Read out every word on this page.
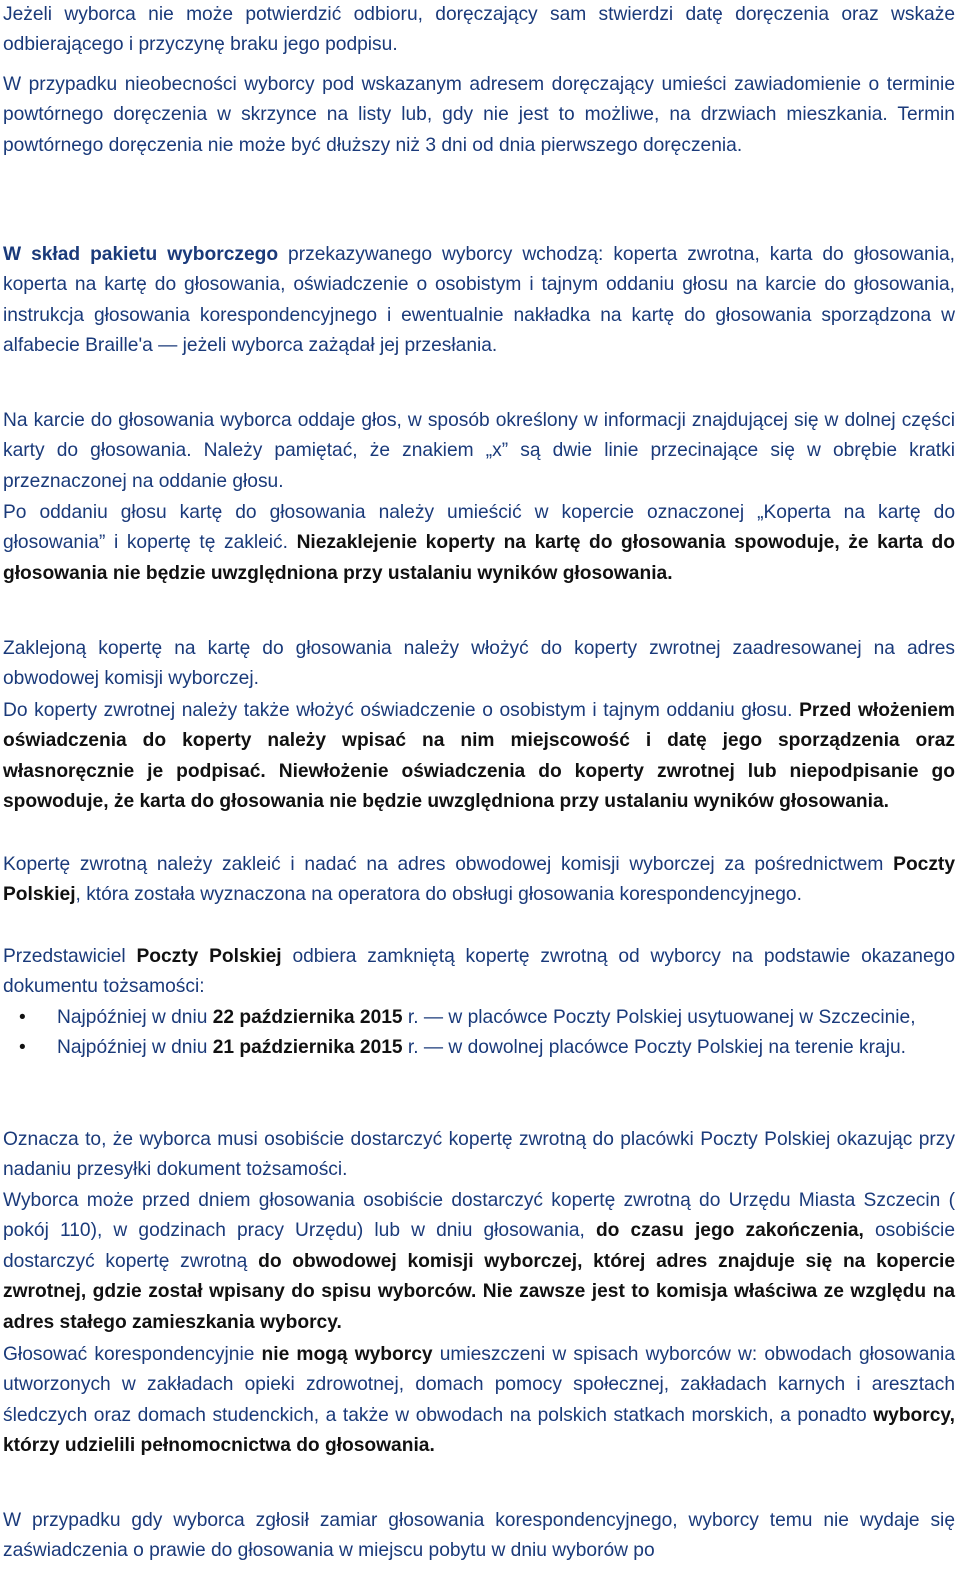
Jeżeli wyborca nie może potwierdzić odbioru, doręczający sam stwierdzi datę doręczenia oraz wskaże odbierającego i przyczynę braku jego podpisu.

W przypadku nieobecności wyborcy pod wskazanym adresem doręczający umieści zawiadomienie o terminie powtórnego doręczenia w skrzynce na listy lub, gdy nie jest to możliwe, na drzwiach mieszkania. Termin powtórnego doręczenia nie może być dłuższy niż 3 dni od dnia pierwszego doręczenia.

W skład pakietu wyborczego przekazywanego wyborcy wchodzą: koperta zwrotna, karta do głosowania, koperta na kartę do głosowania, oświadczenie o osobistym i tajnym oddaniu głosu na karcie do głosowania, instrukcja głosowania korespondencyjnego i ewentualnie nakładka na kartę do głosowania sporządzona w alfabecie Braille'a — jeżeli wyborca zażądał jej przesłania.

Na karcie do głosowania wyborca oddaje głos, w sposób określony w informacji znajdującej się w dolnej części karty do głosowania. Należy pamiętać, że znakiem „x” są dwie linie przecinające się w obrębie kratki przeznaczonej na oddanie głosu.

Po oddaniu głosu kartę do głosowania należy umieścić w kopercie oznaczonej „Koperta na kartę do głosowania” i kopertę tę zakleić. Niezaklejenie koperty na kartę do głosowania spowoduje, że karta do głosowania nie będzie uwzględniona przy ustalaniu wyników głosowania.

Zaklejoną kopertę na kartę do głosowania należy włożyć do koperty zwrotnej zaadresowanej na adres obwodowej komisji wyborczej.

Do koperty zwrotnej należy także włożyć oświadczenie o osobistym i tajnym oddaniu głosu. Przed włożeniem oświadczenia do koperty należy wpisać na nim miejscowość i datę jego sporządzenia oraz własnoręcznie je podpisać. Niewłożenie oświadczenia do koperty zwrotnej lub niepodpisanie go spowoduje, że karta do głosowania nie będzie uwzględniona przy ustalaniu wyników głosowania.

Kopertę zwrotną należy zakleić i nadać na adres obwodowej komisji wyborczej za pośrednictwem Poczty Polskiej, która została wyznaczona na operatora do obsługi głosowania korespondencyjnego.

Przedstawiciel Poczty Polskiej odbiera zamkniętą kopertę zwrotną od wyborcy na podstawie okazanego dokumentu tożsamości:

• Najpóźniej w dniu 22 października 2015 r. — w placówce Poczty Polskiej usytuowanej w Szczecinie,
• Najpóźniej w dniu 21 października 2015 r. — w dowolnej placówce Poczty Polskiej na terenie kraju.

Oznacza to, że wyborca musi osobiście dostarczyć kopertę zwrotną do placówki Poczty Polskiej okazując przy nadaniu przesyłki dokument tożsamości.

Wyborca może przed dniem głosowania osobiście dostarczyć kopertę zwrotną do Urzędu Miasta Szczecin ( pokój 110), w godzinach pracy Urzędu) lub w dniu głosowania, do czasu jego zakończenia, osobiście dostarczyć kopertę zwrotną do obwodowej komisji wyborczej, której adres znajduje się na kopercie zwrotnej, gdzie został wpisany do spisu wyborców. Nie zawsze jest to komisja właściwa ze względu na adres stałego zamieszkania wyborcy.

Głosować korespondencyjnie nie mogą wyborcy umieszczeni w spisach wyborców w: obwodach głosowania utworzonych w zakładach opieki zdrowotnej, domach pomocy społecznej, zakładach karnych i aresztach śledczych oraz domach studenckich, a także w obwodach na polskich statkach morskich, a ponadto wyborcy, którzy udzielili pełnomocnictwa do głosowania.

W przypadku gdy wyborca zgłosił zamiar głosowania korespondencyjnego, wyborcy temu nie wydaje się zaświadczenia o prawie do głosowania w miejscu pobytu w dniu wyborów po
